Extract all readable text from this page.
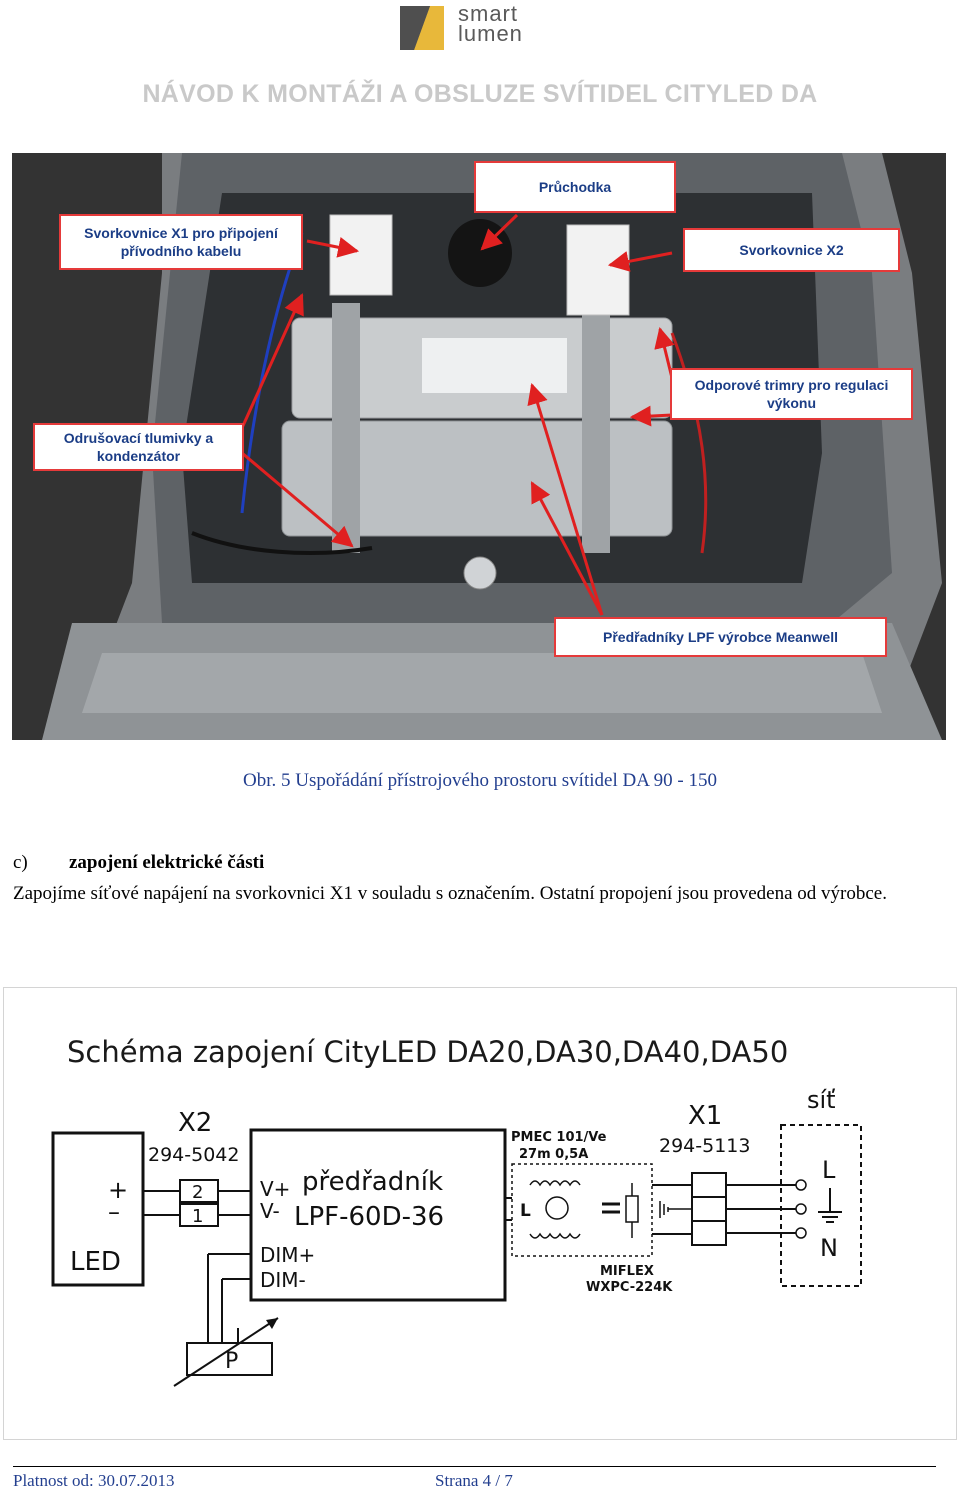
smart
lumen
NÁVOD K MONTÁŽI A OBSLUZE SVÍTIDEL CITYLED DA
Svorkovnice X1 pro připojení
přívodního kabelu
Průchodka
Svorkovnice X2
Odporové trimry pro regulaci
výkonu
Odrušovací tlumivky a
kondenzátor
Předřadníky LPF výrobce Meanwell
Obr. 5 Uspořádání přístrojového prostoru svítidel DA 90 - 150
c) zapojení elektrické části
Zapojíme síťové napájení na svorkovnici X1 v souladu s označením. Ostatní propojení jsou provedena od výrobce.
Schéma zapojení CityLED DA20,DA30,DA40,DA50
+
–
LED
X2
294-5042
2
1
V+
V-
předřadník
LPF-60D-36
DIM+
DIM-
P
PMEC 101/Ve
27m 0,5A
L
MIFLEX
WXPC-224K
X1
294-5113
síť
L
N
Platnost od: 30.07.2013	Strana 4 / 7
